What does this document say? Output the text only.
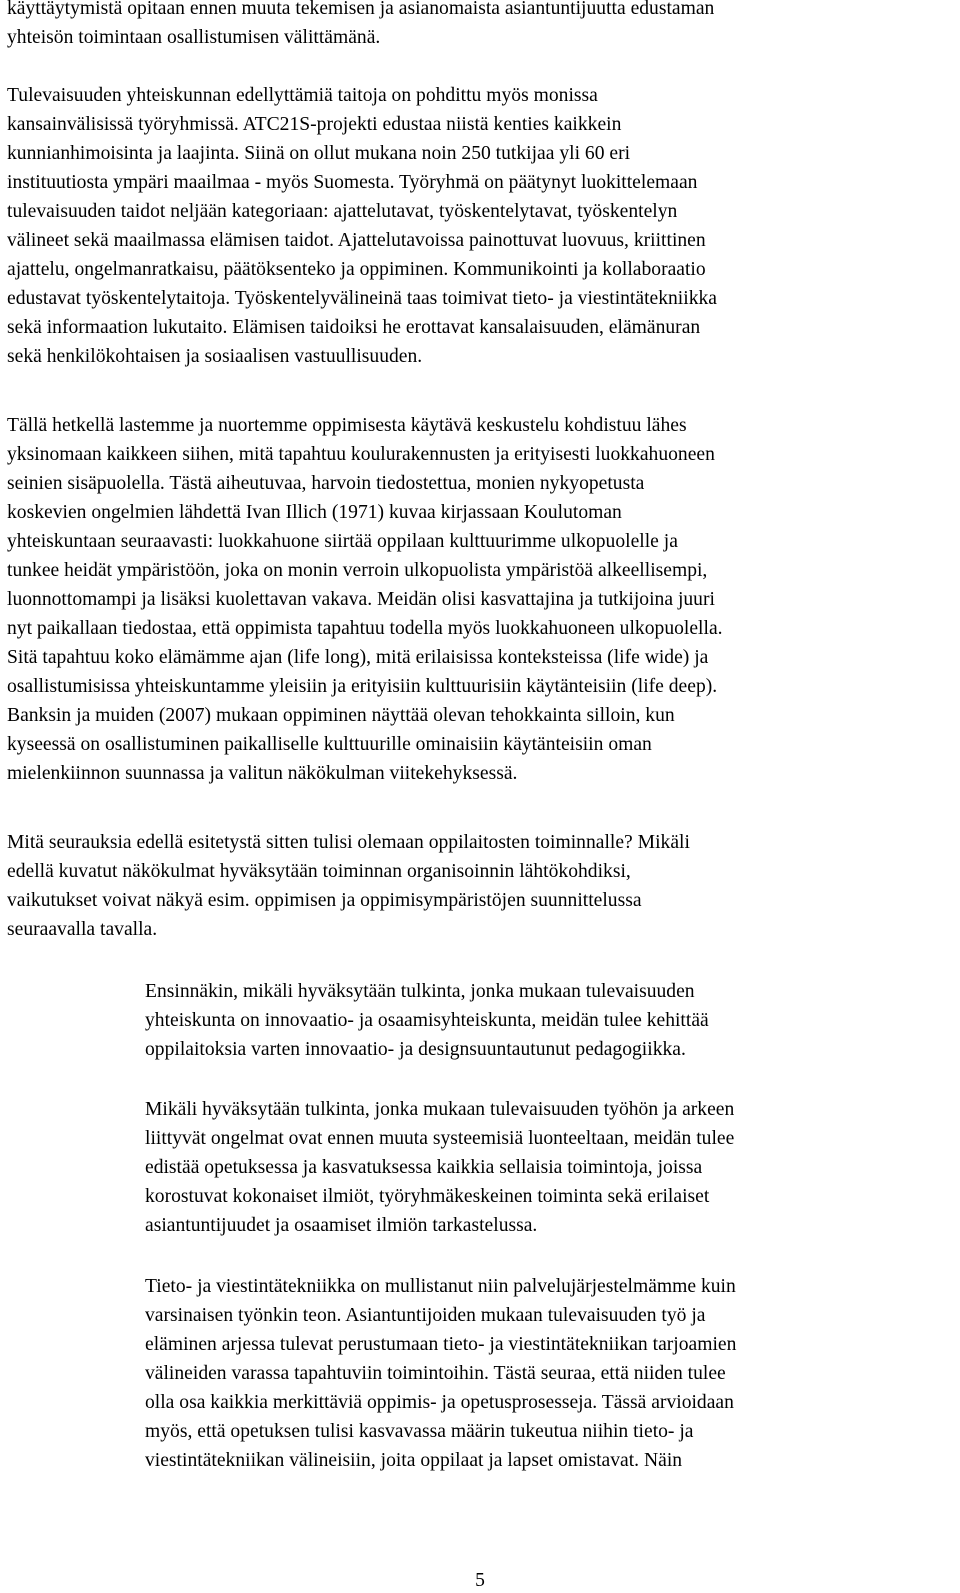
käyttäytymistä opitaan ennen muuta tekemisen ja asianomaista asiantuntijuutta edustaman
yhteisön toimintaan osallistumisen välittämänä.
Tulevaisuuden yhteiskunnan edellyttämiä taitoja on pohdittu myös monissa
kansainvälisissä työryhmissä. ATC21S-projekti edustaa niistä kenties kaikkein
kunnianhimoisinta ja laajinta. Siinä on ollut mukana noin 250 tutkijaa yli 60 eri
instituutiosta ympäri maailmaa - myös Suomesta. Työryhmä on päätynyt luokittelemaan
tulevaisuuden taidot neljään kategoriaan: ajattelutavat, työskentelytavat, työskentelyn
välineet sekä maailmassa elämisen taidot. Ajattelutavoissa painottuvat luovuus, kriittinen
ajattelu, ongelmanratkaisu, päätöksenteko ja oppiminen. Kommunikointi ja kollaboraatio
edustavat työskentelytaitoja. Työskentelyvälineinä taas toimivat tieto- ja viestintätekniikka
sekä informaation lukutaito. Elämisen taidoiksi he erottavat kansalaisuuden, elämänuran
sekä henkilökohtaisen ja sosiaalisen vastuullisuuden.
Tällä hetkellä lastemme ja nuortemme oppimisesta käytävä keskustelu kohdistuu lähes
yksinomaan kaikkeen siihen, mitä tapahtuu koulurakennusten ja erityisesti luokkahuoneen
seinien sisäpuolella. Tästä aiheutuvaa, harvoin tiedostettua, monien nykyopetusta
koskevien ongelmien lähdettä Ivan Illich (1971) kuvaa kirjassaan Koulutoman
yhteiskuntaan seuraavasti: luokkahuone siirtää oppilaan kulttuurimme ulkopuolelle ja
tunkee heidät ympäristöön, joka on monin verroin ulkopuolista ympäristöä alkeellisempi,
luonnottomampi ja lisäksi kuolettavan vakava. Meidän olisi kasvattajina ja tutkijoina juuri
nyt paikallaan tiedostaa, että oppimista tapahtuu todella myös luokkahuoneen ulkopuolella.
Sitä tapahtuu koko elämämme ajan (life long), mitä erilaisissa konteksteissa (life wide) ja
osallistumisissa yhteiskuntamme yleisiin ja erityisiin kulttuurisiin käytänteisiin (life deep).
Banksin ja muiden (2007) mukaan oppiminen näyttää olevan tehokkainta silloin, kun
kyseessä on osallistuminen paikalliselle kulttuurille ominaisiin käytänteisiin oman
mielenkiinnon suunnassa ja valitun näkökulman viitekehyksessä.
Mitä seurauksia edellä esitetystä sitten tulisi olemaan oppilaitosten toiminnalle? Mikäli
edellä kuvatut näkökulmat hyväksytään toiminnan organisoinnin lähtökohdiksi,
vaikutukset voivat näkyä esim. oppimisen ja oppimisympäristöjen suunnittelussa
seuraavalla tavalla.
Ensinnäkin, mikäli hyväksytään tulkinta, jonka mukaan tulevaisuuden
yhteiskunta on innovaatio- ja osaamisyhteiskunta, meidän tulee kehittää
oppilaitoksia varten innovaatio- ja designsuuntautunut pedagogiikka.
Mikäli hyväksytään tulkinta, jonka mukaan tulevaisuuden työhön ja arkeen
liittyvät ongelmat ovat ennen muuta systeemisiä luonteeltaan, meidän tulee
edistää opetuksessa ja kasvatuksessa kaikkia sellaisia toimintoja, joissa
korostuvat kokonaiset ilmiöt, työryhmäkeskeinen toiminta sekä erilaiset
asiantuntijuudet ja osaamiset ilmiön tarkastelussa.
Tieto- ja viestintätekniikka on mullistanut niin palvelujärjestelmämme kuin
varsinaisen työnkin teon. Asiantuntijoiden mukaan tulevaisuuden työ ja
eläminen arjessa tulevat perustumaan tieto- ja viestintätekniikan tarjoamien
välineiden varassa tapahtuviin toimintoihin. Tästä seuraa, että niiden tulee
olla osa kaikkia merkittäviä oppimis- ja opetusprosesseja. Tässä arvioidaan
myös, että opetuksen tulisi kasvavassa määrin tukeutua niihin tieto- ja
viestintätekniikan välineisiin, joita oppilaat ja lapset omistavat. Näin
5
